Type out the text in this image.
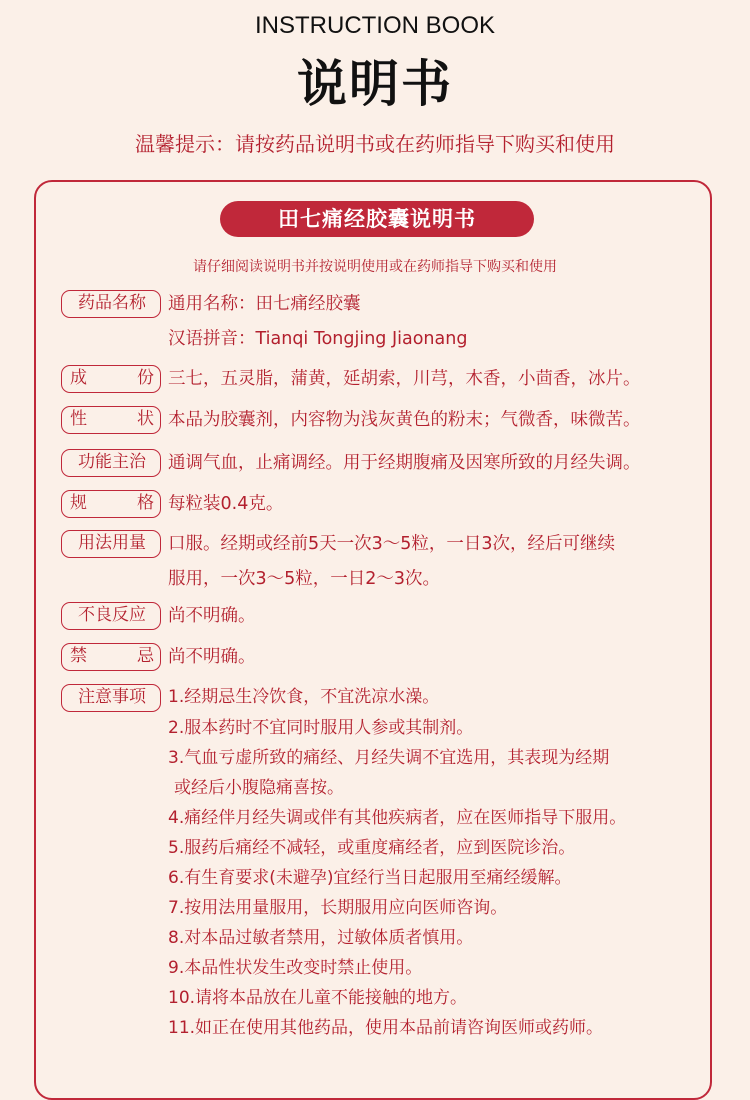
INSTRUCTION BOOK
说明书
温馨提示：请按药品说明书或在药师指导下购买和使用
田七痛经胶囊说明书
请仔细阅读说明书并按说明使用或在药师指导下购买和使用
药品名称 通用名称：田七痛经胶囊
汉语拼音：Tianqi Tongjing Jiaonang
成	份 三七，五灵脂，蒲黄，延胡索，川芎，木香，小茴香，冰片。
性	状 本品为胶囊剂，内容物为浅灰黄色的粉末；气微香，味微苦。
功能主治 通调气血，止痛调经。用于经期腹痛及因寒所致的月经失调。
规	格 每粒装0.4克。
用法用量 口服。经期或经前5天一次3～5粒，一日3次，经后可继续
服用，一次3～5粒，一日2～3次。
不良反应 尚不明确。
禁	忌 尚不明确。
注意事项 1.经期忌生冷饮食，不宜洗凉水澡。
2.服本药时不宜同时服用人参或其制剂。
3.气血亏虚所致的痛经、月经失调不宜选用，其表现为经期
或经后小腹隐痛喜按。
4.痛经伴月经失调或伴有其他疾病者，应在医师指导下服用。
5.服药后痛经不减轻，或重度痛经者，应到医院诊治。
6.有生育要求(未避孕)宜经行当日起服用至痛经缓解。
7.按用法用量服用，长期服用应向医师咨询。
8.对本品过敏者禁用，过敏体质者慎用。
9.本品性状发生改变时禁止使用。
10.请将本品放在儿童不能接触的地方。
11.如正在使用其他药品，使用本品前请咨询医师或药师。
